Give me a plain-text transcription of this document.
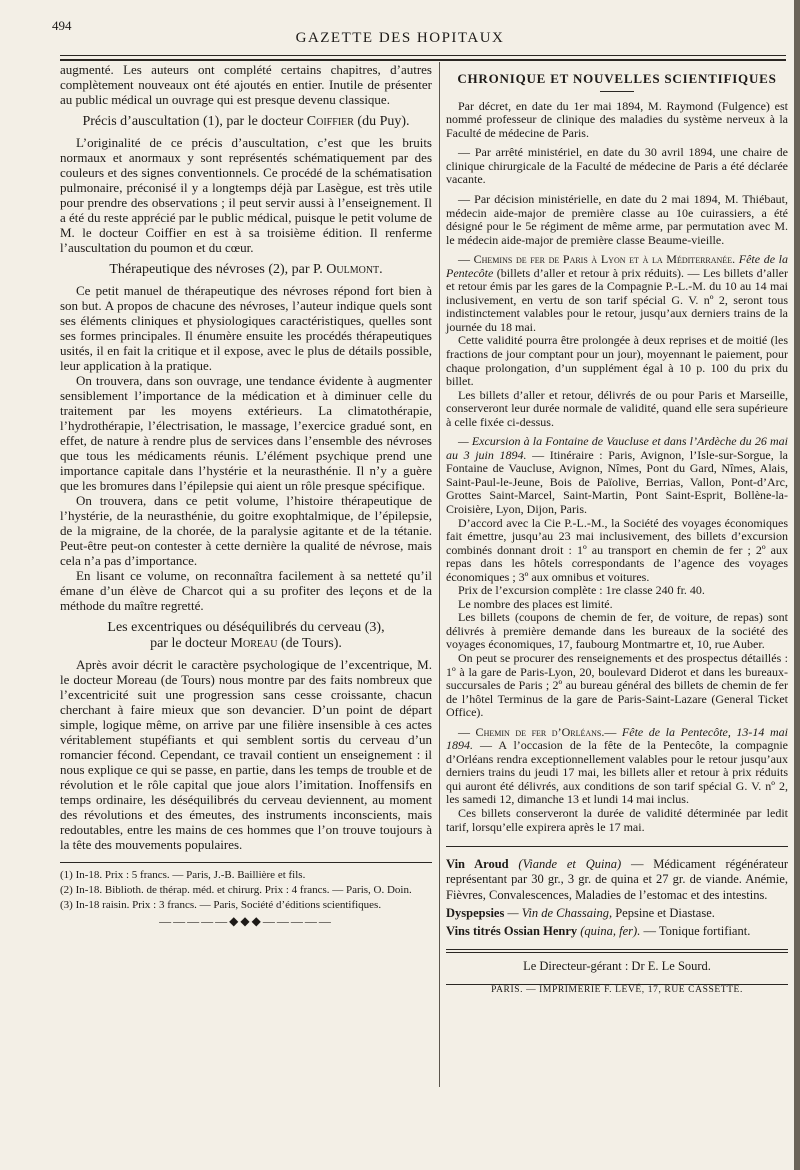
494
GAZETTE DES HOPITAUX

augmenté. Les auteurs ont complété certains chapitres, d’autres complètement nouveaux ont été ajoutés en entier. Inutile de présenter au public médical un ouvrage qui est presque devenu classique.

Précis d’auscultation (1), par le docteur Coiffier (du Puy).

L’originalité de ce précis d’auscultation, c’est que les bruits normaux et anormaux y sont représentés schématiquement par des couleurs et des signes conventionnels. Ce procédé de la schématisation pulmonaire, préconisé il y a longtemps déjà par Lasègue, est très utile pour prendre des observations ; il peut servir aussi à l’enseignement. Il a été du reste apprécié par le public médical, puisque le petit volume de M. le docteur Coiffier en est à sa troisième édition. Il renferme l’auscultation du poumon et du cœur.

Thérapeutique des névroses (2), par P. Oulmont.

Ce petit manuel de thérapeutique des névroses répond fort bien à son but. A propos de chacune des névroses, l’auteur indique quels sont ses éléments cliniques et physiologiques caractéristiques, quelles sont ses formes principales. Il énumère ensuite les procédés thérapeutiques usités, il en fait la critique et il expose, avec le plus de détails possible, leur application à la pratique.

On trouvera, dans son ouvrage, une tendance évidente à augmenter sensiblement l’importance de la médication et à diminuer celle du traitement par les moyens extérieurs. La climatothérapie, l’hydrothérapie, l’électrisation, le massage, l’exercice gradué sont, en effet, de nature à rendre plus de services dans l’ensemble des névroses que tous les médicaments réunis. L’élément psychique prend une importance capitale dans l’hystérie et la neurasthénie. Il n’y a guère que les bromures dans l’épilepsie qui aient un rôle presque spécifique.

On trouvera, dans ce petit volume, l’histoire thérapeutique de l’hystérie, de la neurasthénie, du goitre exophtalmique, de l’épilepsie, de la migraine, de la chorée, de la paralysie agitante et de la tétanie. Peut-être peut-on contester à cette dernière la qualité de névrose, mais cela n’a pas d’importance.

En lisant ce volume, on reconnaîtra facilement à sa netteté qu’il émane d’un élève de Charcot qui a su profiter des leçons et de la méthode du maître regretté.

Les excentriques ou déséquilibrés du cerveau (3),
par le docteur Moreau (de Tours).

Après avoir décrit le caractère psychologique de l’excentrique, M. le docteur Moreau (de Tours) nous montre par des faits nombreux que l’excentricité suit une progression sans cesse croissante, chacun cherchant à faire mieux que son devancier. D’un point de départ simple, logique même, on arrive par une filière insensible à ces actes véritablement stupéfiants et qui semblent sortis du cerveau d’un romancier fécond. Cependant, ce travail contient un enseignement : il nous explique ce qui se passe, en partie, dans les temps de trouble et de révolution et le rôle capital que joue alors l’imitation. Inoffensifs en temps ordinaire, les déséquilibrés du cerveau deviennent, au moment des révolutions et des émeutes, des instruments inconscients, mais redoutables, entre les mains de ces hommes que l’on trouve toujours à la tête des mouvements populaires.

(1) In-18. Prix : 5 francs. — Paris, J.-B. Baillière et fils.

(2) In-18. Biblioth. de thérap. méd. et chirurg. Prix : 4 francs. — Paris, O. Doin.

(3) In-18 raisin. Prix : 3 francs. — Paris, Société d’éditions scientifiques.

—————◆◆◆—————
CHRONIQUE ET NOUVELLES SCIENTIFIQUES

Par décret, en date du 1er mai 1894, M. Raymond (Fulgence) est nommé professeur de clinique des maladies du système nerveux à la Faculté de médecine de Paris.

— Par arrêté ministériel, en date du 30 avril 1894, une chaire de clinique chirurgicale de la Faculté de médecine de Paris a été déclarée vacante.

— Par décision ministérielle, en date du 2 mai 1894, M. Thiébaut, médecin aide-major de première classe au 10e cuirassiers, a été désigné pour le 5e régiment de même arme, par permutation avec M. le médecin aide-major de première classe Beaume-vieille.

— Chemins de fer de Paris à Lyon et à la Méditerranée. Fête de la Pentecôte (billets d’aller et retour à prix réduits). — Les billets d’aller et retour émis par les gares de la Compagnie P.-L.-M. du 10 au 14 mai inclusivement, en vertu de son tarif spécial G. V. nº 2, seront tous indistinctement valables pour le retour, jusqu’aux derniers trains de la journée du 18 mai.

Cette validité pourra être prolongée à deux reprises et de moitié (les fractions de jour comptant pour un jour), moyennant le paiement, pour chaque prolongation, d’un supplément égal à 10 p. 100 du prix du billet.

Les billets d’aller et retour, délivrés de ou pour Paris et Marseille, conserveront leur durée normale de validité, quand elle sera supérieure à celle fixée ci-dessus.

— Excursion à la Fontaine de Vaucluse et dans l’Ardèche du 26 mai au 3 juin 1894. — Itinéraire : Paris, Avignon, l’Isle-sur-Sorgue, la Fontaine de Vaucluse, Avignon, Nîmes, Pont du Gard, Nîmes, Alais, Saint-Paul-le-Jeune, Bois de Païolive, Berrias, Vallon, Pont-d’Arc, Grottes Saint-Marcel, Saint-Martin, Pont Saint-Esprit, Bollène-la-Croisière, Lyon, Dijon, Paris.

D’accord avec la Cie P.-L.-M., la Société des voyages économiques fait émettre, jusqu’au 23 mai inclusivement, des billets d’excursion combinés donnant droit : 1º au transport en chemin de fer ; 2º aux repas dans les hôtels correspondants de l’agence des voyages économiques ; 3º aux omnibus et voitures.

Prix de l’excursion complète : 1re classe 240 fr. 40.

Le nombre des places est limité.

Les billets (coupons de chemin de fer, de voiture, de repas) sont délivrés à première demande dans les bureaux de la société des voyages économiques, 17, faubourg Montmartre et, 10, rue Auber.

On peut se procurer des renseignements et des prospectus détaillés : 1º à la gare de Paris-Lyon, 20, boulevard Diderot et dans les bureaux-succursales de Paris ; 2º au bureau général des billets de chemin de fer de l’hôtel Terminus de la gare de Paris-Saint-Lazare (General Ticket Office).

— Chemin de fer d’Orléans.— Fête de la Pentecôte, 13-14 mai 1894. — A l’occasion de la fête de la Pentecôte, la compagnie d’Orléans rendra exceptionnellement valables pour le retour jusqu’aux derniers trains du jeudi 17 mai, les billets aller et retour à prix réduits qui auront été délivrés, aux conditions de son tarif spécial G. V. nº 2, les samedi 12, dimanche 13 et lundi 14 mai inclus.

Ces billets conserveront la durée de validité déterminée par ledit tarif, lorsqu’elle expirera après le 17 mai.

Vin Aroud (Viande et Quina) — Médicament régénérateur représentant par 30 gr., 3 gr. de quina et 27 gr. de viande. Anémie, Fièvres, Convalescences, Maladies de l’estomac et des intestins.

Dyspepsies — Vin de Chassaing, Pepsine et Diastase.

Vins titrés Ossian Henry (quina, fer). — Tonique fortifiant.

Le Directeur-gérant : Dr E. Le Sourd.
PARIS. — IMPRIMERIE F. LEVÉ, 17, RUE CASSETTE.
